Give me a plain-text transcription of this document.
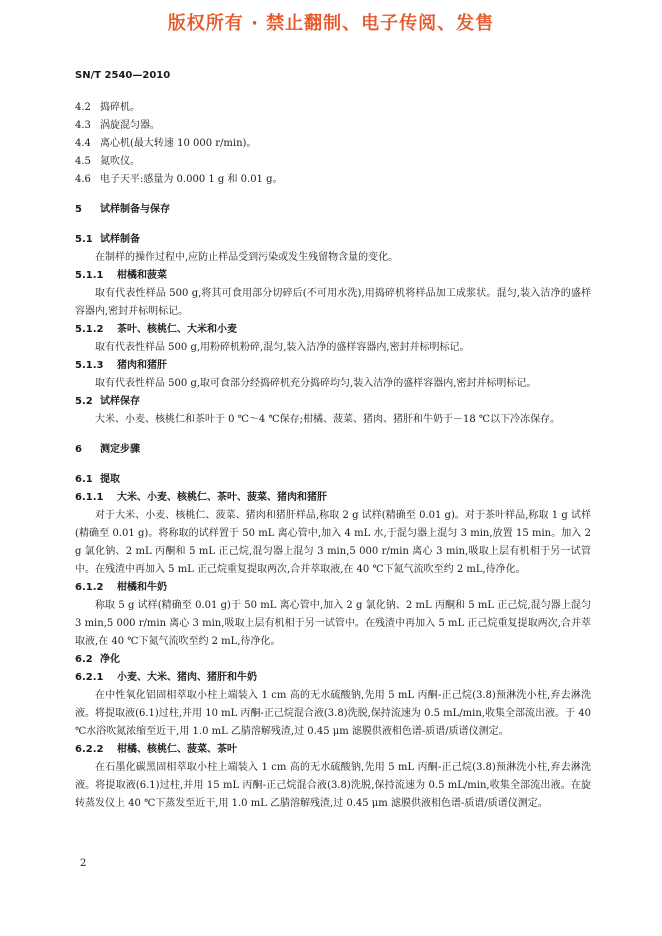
版权所有 · 禁止翻制、电子传阅、发售
SN/T 2540—2010
4.2 捣碎机。
4.3 涡旋混匀器。
4.4 离心机(最大转速 10 000 r/min)。
4.5 氮吹仪。
4.6 电子天平:感量为 0.000 1 g 和 0.01 g。
5 试样制备与保存
5.1 试样制备

在制样的操作过程中,应防止样品受到污染或发生残留物含量的变化。

5.1.1 柑橘和菠菜

取有代表性样品 500 g,将其可食用部分切碎后(不可用水洗),用捣碎机将样品加工成浆状。混匀,装入洁净的盛样容器内,密封并标明标记。

5.1.2 茶叶、核桃仁、大米和小麦

取有代表性样品 500 g,用粉碎机粉碎,混匀,装入洁净的盛样容器内,密封并标明标记。

5.1.3 猪肉和猪肝

取有代表性样品 500 g,取可食部分经捣碎机充分捣碎均匀,装入洁净的盛样容器内,密封并标明标记。

5.2 试样保存

大米、小麦、核桃仁和茶叶于 0 ℃～4 ℃保存;柑橘、菠菜、猪肉、猪肝和牛奶于－18 ℃以下冷冻保存。

6 测定步骤
6.1 提取
6.1.1 大米、小麦、核桃仁、茶叶、菠菜、猪肉和猪肝

对于大米、小麦、核桃仁、菠菜、猪肉和猪肝样品,称取 2 g 试样(精确至 0.01 g)。对于茶叶样品,称取 1 g 试样(精确至 0.01 g)。将称取的试样置于 50 mL 离心管中,加入 4 mL 水,于混匀器上混匀 3 min,放置 15 min。加入 2 g 氯化钠、2 mL 丙酮和 5 mL 正己烷,混匀器上混匀 3 min,5 000 r/min 离心 3 min,吸取上层有机相于另一试管中。在残渣中再加入 5 mL 正己烷重复提取两次,合并萃取液,在 40 ℃下氮气流吹至约 2 mL,待净化。

6.1.2 柑橘和牛奶

称取 5 g 试样(精确至 0.01 g)于 50 mL 离心管中,加入 2 g 氯化钠、2 mL 丙酮和 5 mL 正己烷,混匀器上混匀 3 min,5 000 r/min 离心 3 min,吸取上层有机相于另一试管中。在残渣中再加入 5 mL 正己烷重复提取两次,合并萃取液,在 40 ℃下氮气流吹至约 2 mL,待净化。

6.2 净化
6.2.1 小麦、大米、猪肉、猪肝和牛奶

在中性氧化铝固相萃取小柱上端装入 1 cm 高的无水硫酸钠,先用 5 mL 丙酮-正己烷(3.8)预淋洗小柱,弃去淋洗液。将提取液(6.1)过柱,并用 10 mL 丙酮-正己烷混合液(3.8)洗脱,保持流速为 0.5 mL/min,收集全部流出液。于 40 ℃水浴吹氮浓缩至近干,用 1.0 mL 乙腈溶解残渣,过 0.45 μm 滤膜供液相色谱-质谱/质谱仪测定。

6.2.2 柑橘、核桃仁、菠菜、茶叶

在石墨化碳黑固相萃取小柱上端装入 1 cm 高的无水硫酸钠,先用 5 mL 丙酮-正己烷(3.8)预淋洗小柱,弃去淋洗液。将提取液(6.1)过柱,并用 15 mL 丙酮-正己烷混合液(3.8)洗脱,保持流速为 0.5 mL/min,收集全部流出液。在旋转蒸发仪上 40 ℃下蒸发至近干,用 1.0 mL 乙腈溶解残渣,过 0.45 μm 滤膜供液相色谱-质谱/质谱仪测定。

2
